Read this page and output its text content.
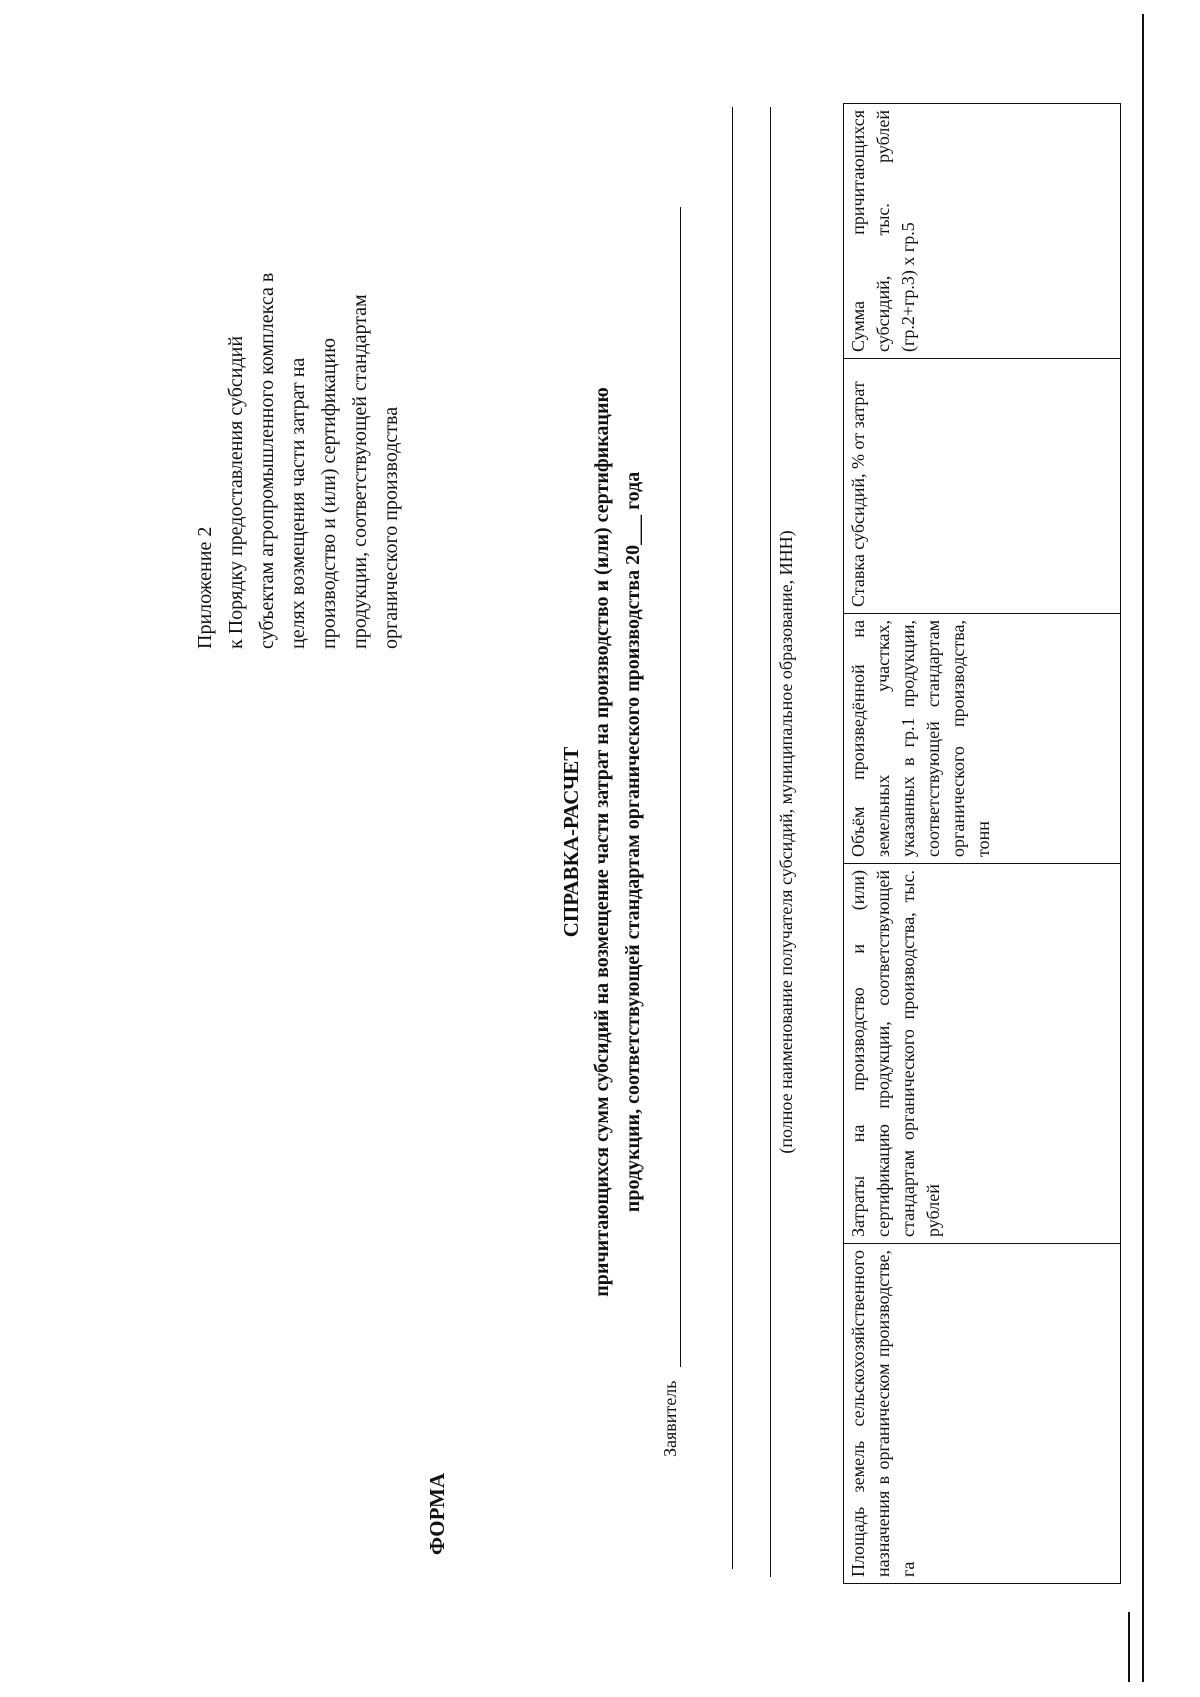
Приложение 2 к Порядку предоставления субсидий субъектам агропромышленного комплекса в целях возмещения части затрат на производство и (или) сертификацию продукции, соответствующей стандартам органического производства
ФОРМА
СПРАВКА-РАСЧЕТ причитающихся сумм субсидий на возмещение части затрат на производство и (или) сертификацию продукции, соответствующей стандартам органического производства 20___ года
Заявитель
(полное наименование получателя субсидий, муниципальное образование, ИНН)
Площадь земель сельскохозяйственного назначения в органическом производстве, га	Затраты на производство и (или) сертификацию продукции, соответствующей стандартам органического производства, тыс. рублей	Объём произведённой на земельных участках, указанных в гр.1 продукции, соответствующей стандартам органического производства, тонн	Ставка субсидий, % от затрат	Сумма причитающихся субсидий, тыс. рублей (гр.2+гр.3) х гр.5
